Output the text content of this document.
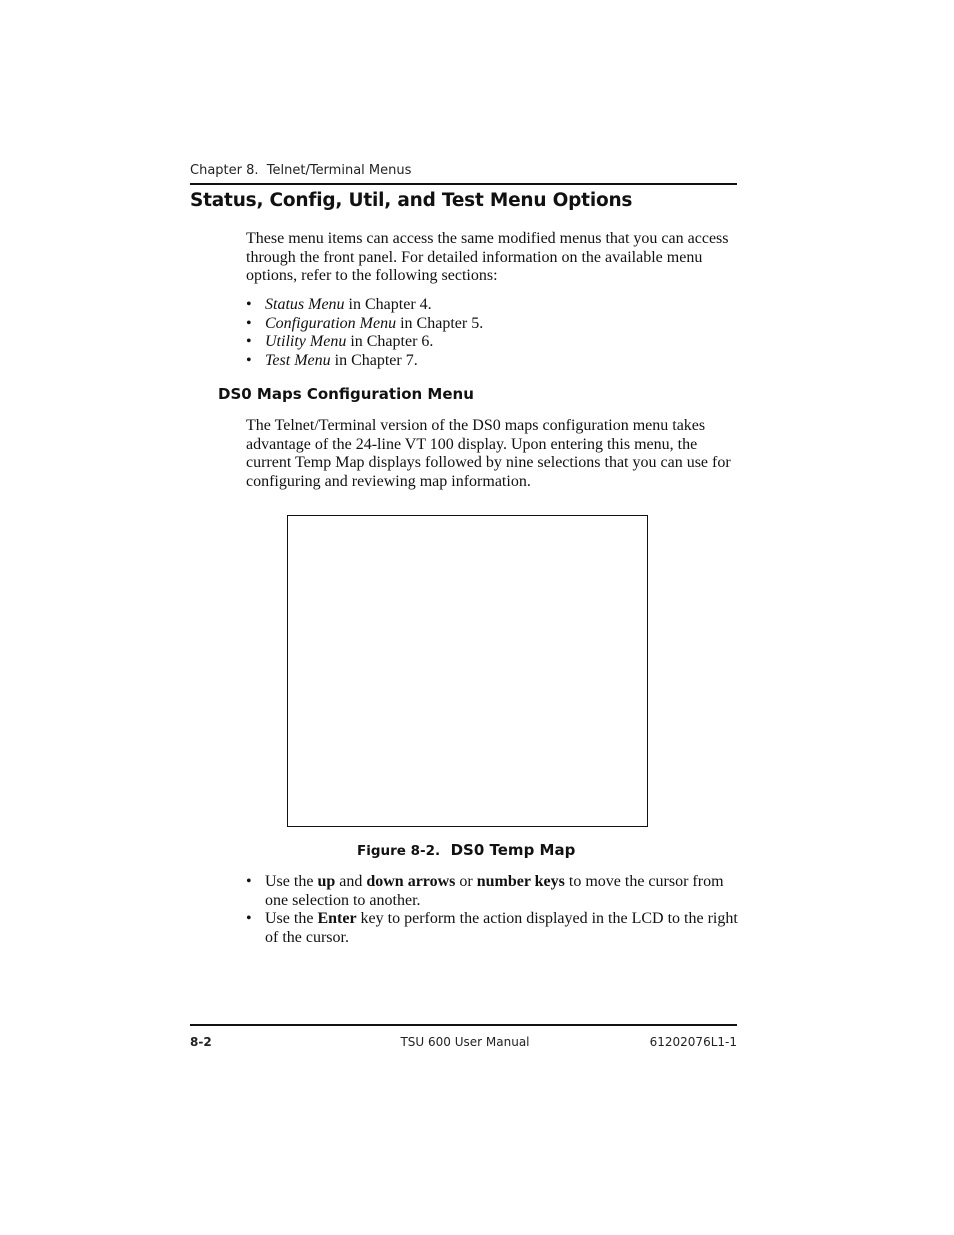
Chapter 8.  Telnet/Terminal Menus
Status, Config, Util, and Test Menu Options

These menu items can access the same modified menus that you can access through the front panel. For detailed information on the available menu options, refer to the following sections:

• Status Menu in Chapter 4.
• Configuration Menu in Chapter 5.
• Utility Menu in Chapter 6.
• Test Menu in Chapter 7.
DS0 Maps Configuration Menu

The Telnet/Terminal version of the DS0 maps configuration menu takes advantage of the 24-line VT 100 display. Upon entering this menu, the current Temp Map displays followed by nine selections that you can use for configuring and reviewing map information.

Figure 8-2. DS0 Temp Map
• Use the up and down arrows or number keys to move the cursor from one selection to another.
• Use the Enter key to perform the action displayed in the LCD to the right of the cursor.
8-2	TSU 600 User Manual	61202076L1-1
